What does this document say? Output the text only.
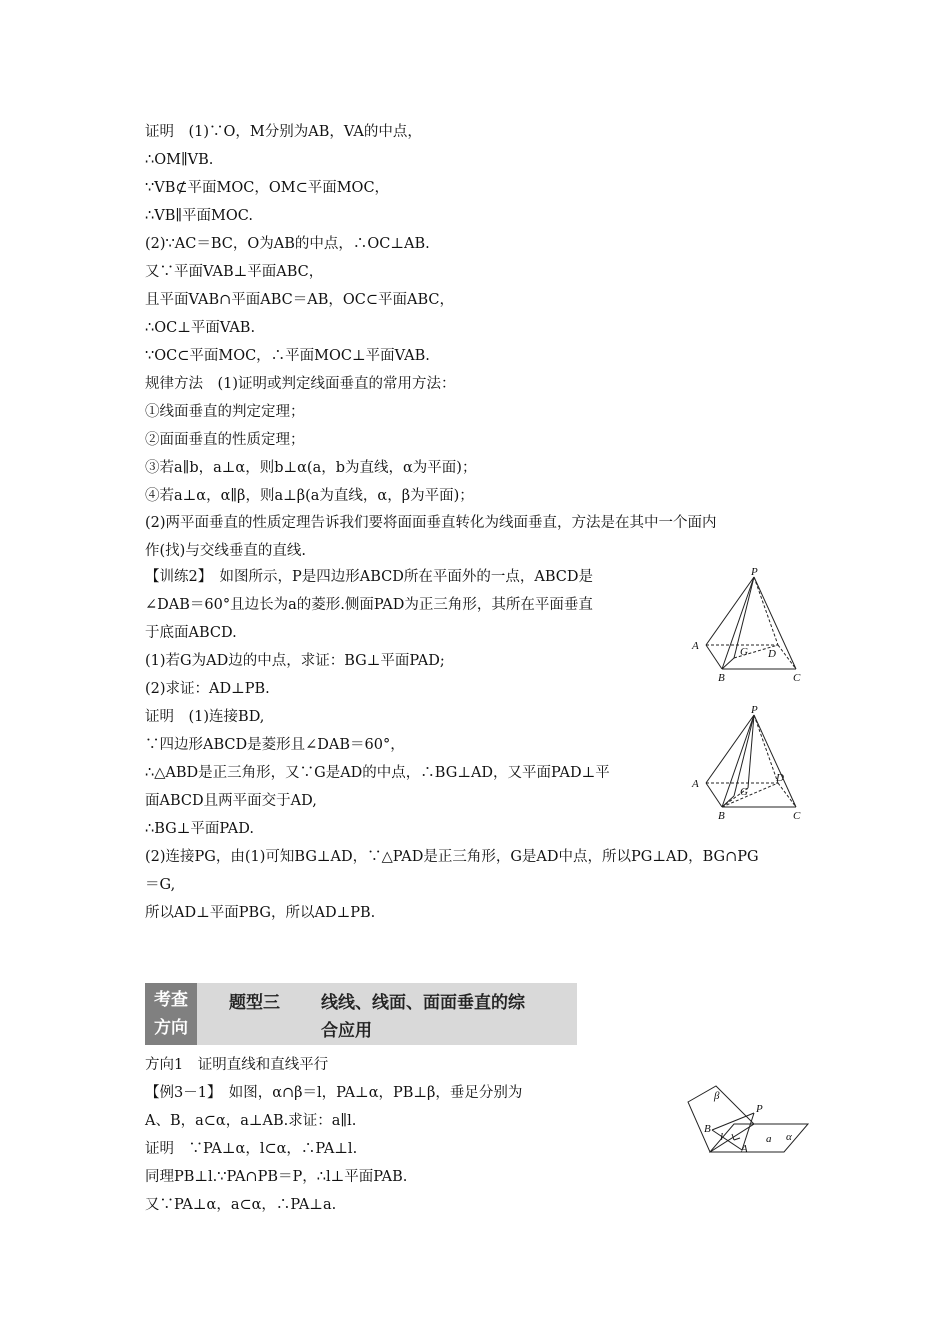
证明　(1)∵O，M分别为AB，VA的中点，
∴OM∥VB.
∵VB⊄平面MOC，OM⊂平面MOC，
∴VB∥平面MOC.
(2)∵AC＝BC，O为AB的中点，∴OC⊥AB.
又∵平面VAB⊥平面ABC，
且平面VAB∩平面ABC＝AB，OC⊂平面ABC，
∴OC⊥平面VAB.
∵OC⊂平面MOC，∴平面MOC⊥平面VAB.
规律方法　(1)证明或判定线面垂直的常用方法：
①线面垂直的判定定理；
②面面垂直的性质定理；
③若a∥b，a⊥α，则b⊥α(a，b为直线，α为平面)；
④若a⊥α，α∥β，则a⊥β(a为直线，α，β为平面)；
(2)两平面垂直的性质定理告诉我们要将面面垂直转化为线面垂直，方法是在其中一个面内
作(找)与交线垂直的直线.
【训练2】　如图所示，P是四边形ABCD所在平面外的一点，ABCD是
∠DAB＝60°且边长为a的菱形.侧面PAD为正三角形，其所在平面垂直
于底面ABCD.
(1)若G为AD边的中点，求证：BG⊥平面PAD;
(2)求证：AD⊥PB.
证明　(1)连接BD,
∵四边形ABCD是菱形且∠DAB＝60°，
∴△ABD是正三角形，又∵G是AD的中点，∴BG⊥AD，又平面PAD⊥平
面ABCD且两平面交于AD,
∴BG⊥平面PAD.
(2)连接PG，由(1)可知BG⊥AD，∵△PAD是正三角形，G是AD中点，所以PG⊥AD，BG∩PG
＝G,
所以AD⊥平面PBG，所以AD⊥PB.
考查
方向
题型三 线线、线面、面面垂直的综
合应用
方向1　证明直线和直线平行
【例3－1】　如图，α∩β＝l，PA⊥α，PB⊥β，垂足分别为
A、B，a⊂α，a⊥AB.求证：a∥l.
证明　∵PA⊥α，l⊂α，∴PA⊥l.
同理PB⊥l.∵PA∩PB＝P，∴l⊥平面PAB.
又∵PA⊥α，a⊂α，∴PA⊥a.
P
A
B	C
D
G
P
A
B	C
D
G
β
P
B
l
A
a α
